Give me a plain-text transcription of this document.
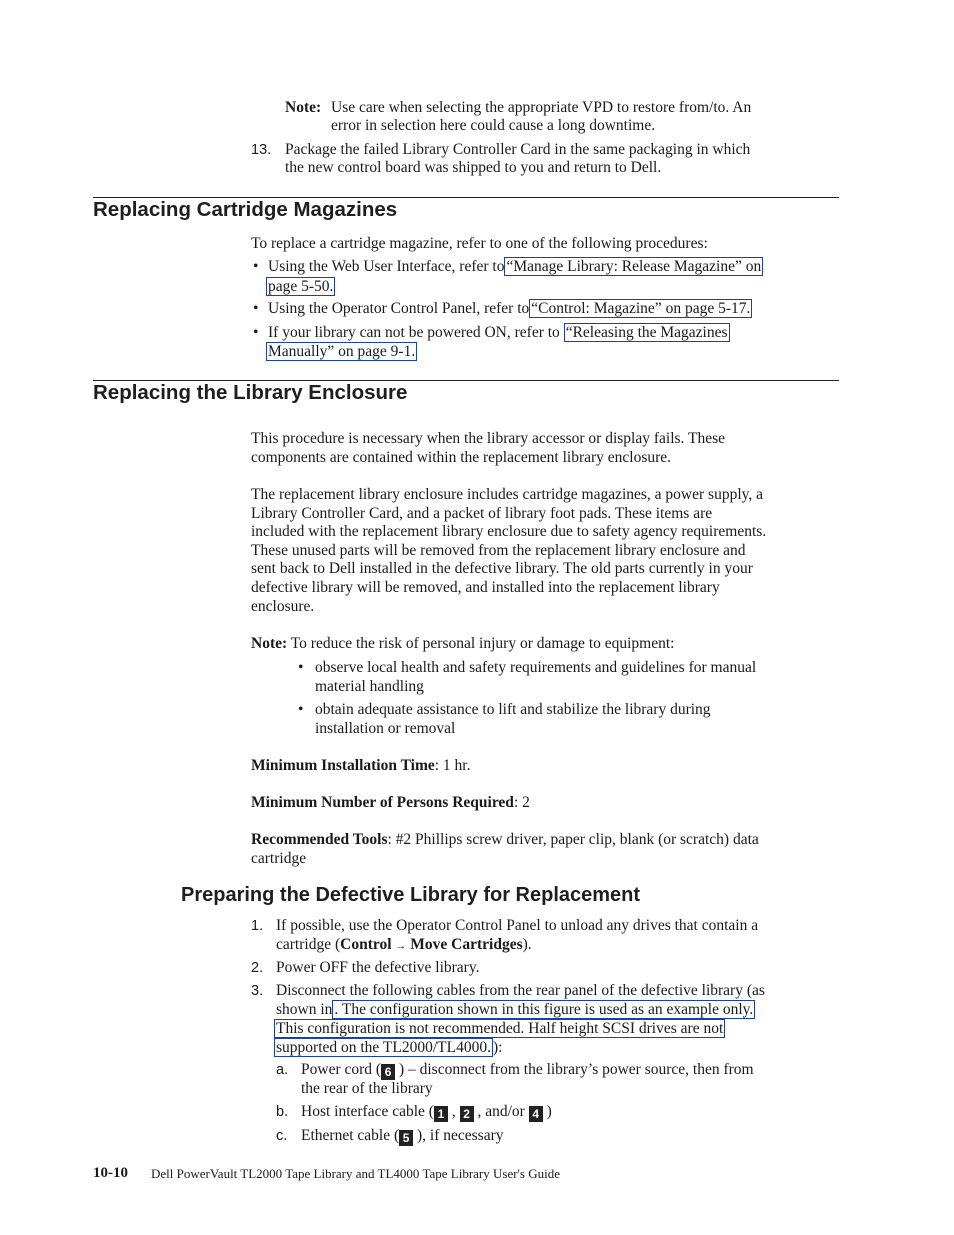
Note: Use care when selecting the appropriate VPD to restore from/to. An
error in selection here could cause a long downtime.
13. Package the failed Library Controller Card in the same packaging in which
the new control board was shipped to you and return to Dell.
Replacing Cartridge Magazines
To replace a cartridge magazine, refer to one of the following procedures:
• Using the Web User Interface, refer to “Manage Library: Release Magazine” on
page 5-50.
• Using the Operator Control Panel, refer to “Control: Magazine” on page 5-17.
• If your library can not be powered ON, refer to “Releasing the Magazines
Manually” on page 9-1.
Replacing the Library Enclosure
This procedure is necessary when the library accessor or display fails. These
components are contained within the replacement library enclosure.
The replacement library enclosure includes cartridge magazines, a power supply, a
Library Controller Card, and a packet of library foot pads. These items are
included with the replacement library enclosure due to safety agency requirements.
These unused parts will be removed from the replacement library enclosure and
sent back to Dell installed in the defective library. The old parts currently in your
defective library will be removed, and installed into the replacement library
enclosure.
Note: To reduce the risk of personal injury or damage to equipment:
• observe local health and safety requirements and guidelines for manual
material handling
• obtain adequate assistance to lift and stabilize the library during
installation or removal
Minimum Installation Time: 1 hr.
Minimum Number of Persons Required: 2
Recommended Tools: #2 Phillips screw driver, paper clip, blank (or scratch) data
cartridge
Preparing the Defective Library for Replacement
1. If possible, use the Operator Control Panel to unload any drives that contain a
cartridge (Control → Move Cartridges).
2. Power OFF the defective library.
3. Disconnect the following cables from the rear panel of the defective library (as
shown in . The configuration shown in this figure is used as an example only.
This configuration is not recommended. Half height SCSI drives are not
supported on the TL2000/TL4000. ):
a. Power cord ( 6 ) – disconnect from the library’s power source, then from
the rear of the library
b. Host interface cable ( 1 , 2 , and/or 4 )
c. Ethernet cable ( 5 ), if necessary
10-10 Dell PowerVault TL2000 Tape Library and TL4000 Tape Library User's Guide
